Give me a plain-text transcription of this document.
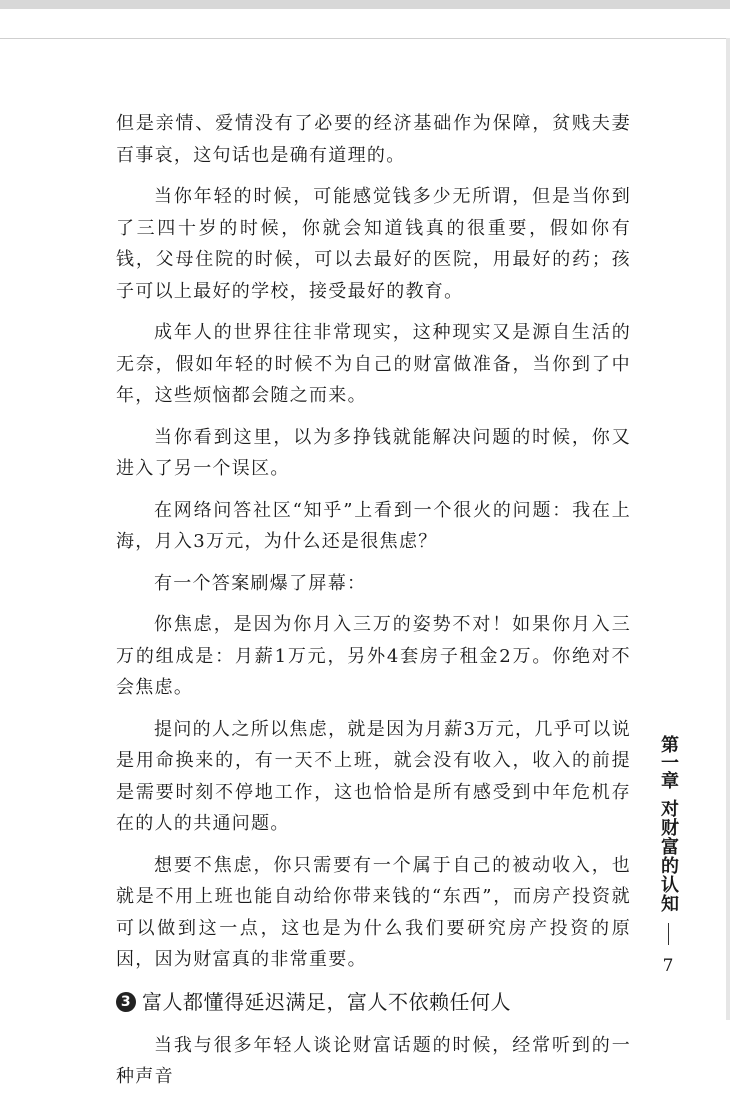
但是亲情、爱情没有了必要的经济基础作为保障，贫贱夫妻百事哀，这句话也是确有道理的。

当你年轻的时候，可能感觉钱多少无所谓，但是当你到了三四十岁的时候，你就会知道钱真的很重要，假如你有钱，父母住院的时候，可以去最好的医院，用最好的药；孩子可以上最好的学校，接受最好的教育。

成年人的世界往往非常现实，这种现实又是源自生活的无奈，假如年轻的时候不为自己的财富做准备，当你到了中年，这些烦恼都会随之而来。

当你看到这里，以为多挣钱就能解决问题的时候，你又进入了另一个误区。

在网络问答社区“知乎”上看到一个很火的问题：我在上海，月入3万元，为什么还是很焦虑？

有一个答案刷爆了屏幕：

你焦虑，是因为你月入三万的姿势不对！如果你月入三万的组成是：月薪1万元，另外4套房子租金2万。你绝对不会焦虑。

提问的人之所以焦虑，就是因为月薪3万元，几乎可以说是用命换来的，有一天不上班，就会没有收入，收入的前提是需要时刻不停地工作，这也恰恰是所有感受到中年危机存在的人的共通问题。

想要不焦虑，你只需要有一个属于自己的被动收入，也就是不用上班也能自动给你带来钱的“东西”，而房产投资就可以做到这一点，这也是为什么我们要研究房产投资的原因，因为财富真的非常重要。

3 富人都懂得延迟满足，富人不依赖任何人

当我与很多年轻人谈论财富话题的时候，经常听到的一种声音

第一章
对财富的认知
7
